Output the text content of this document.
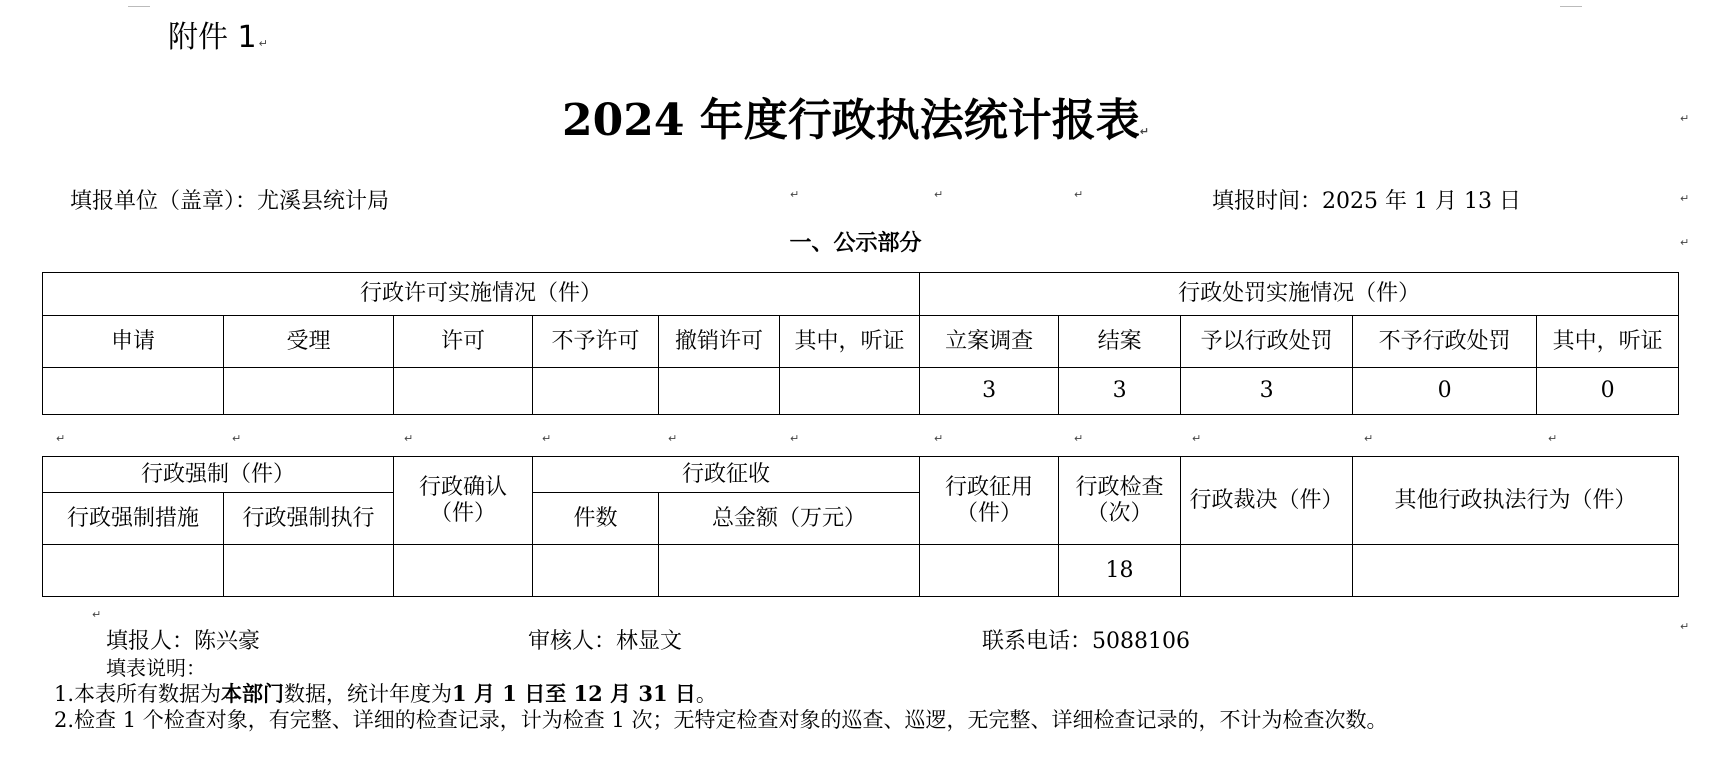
附件 1 ↵
2024 年度行政执法统计报表↵
填报单位（盖章）：尤溪县统计局	填报时间：2025 年 1 月 13 日
一、公示部分
↵	↵	↵
↵
↵
↵
行政许可实施情况（件）						行政处罚实施情况（件）				
申请	受理	许可	不予许可	撤销许可	其中，听证	立案调查	结案	予以行政处罚	不予行政处罚	其中，听证
						3	3	3	0	0
↵	↵	↵	↵	↵	↵	↵	↵	↵	↵	↵
行政强制（件）		行政确认（件）	行政征收		行政征用（件）	行政检查（次）	行政裁决（件）	其他行政执法行为（件）
行政强制措施	行政强制执行		件数	总金额（万元）				
						18		
↵
↵
填报人：陈兴豪	审核人：林显文	联系电话：5088106
填表说明：
1.本表所有数据为本部门数据，统计年度为1 月 1 日至 12 月 31 日。
2.检查 1 个检查对象，有完整、详细的检查记录，计为检查 1 次；无特定检查对象的巡查、巡逻，无完整、详细检查记录的，不计为检查次数。
